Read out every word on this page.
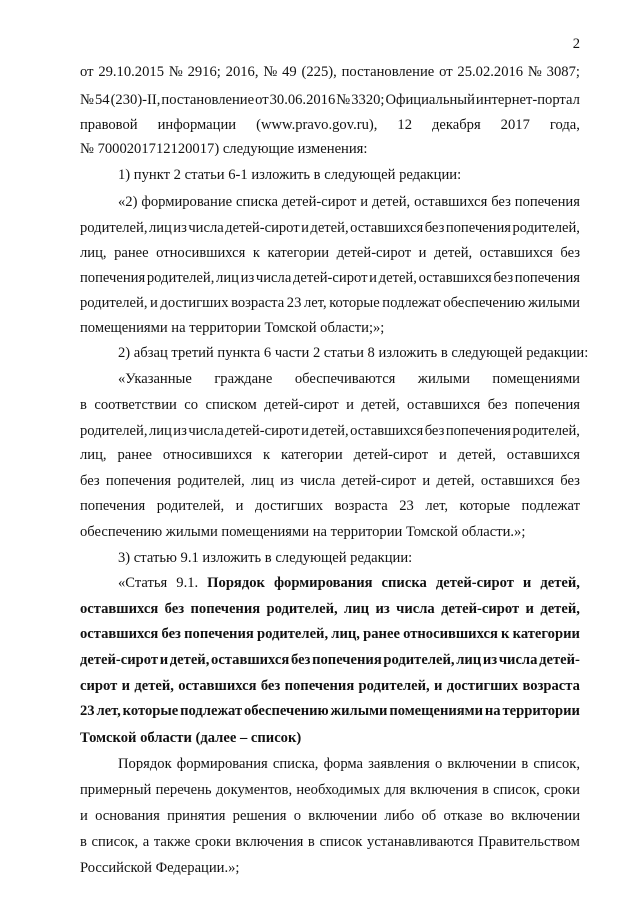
2
от 29.10.2015 № 2916; 2016, № 49 (225), постановление от 25.02.2016 № 3087;
№ 54 (230)-II, постановление от 30.06.2016 № 3320; Официальный интернет-портал
правовой информации (www.pravo.gov.ru), 12 декабря 2017 года,
№ 7000201712120017) следующие изменения:
1) пункт 2 статьи 6-1 изложить в следующей редакции:
«2) формирование списка детей-сирот и детей, оставшихся без попечения
родителей, лиц из числа детей-сирот и детей, оставшихся без попечения родителей,
лиц, ранее относившихся к категории детей-сирот и детей, оставшихся без
попечения родителей, лиц из числа детей-сирот и детей, оставшихся без попечения
родителей, и достигших возраста 23 лет, которые подлежат обеспечению жилыми
помещениями на территории Томской области;»;
2) абзац третий пункта 6 части 2 статьи 8 изложить в следующей редакции:
«Указанные граждане обеспечиваются жилыми помещениями
в соответствии со списком детей-сирот и детей, оставшихся без попечения
родителей, лиц из числа детей-сирот и детей, оставшихся без попечения родителей,
лиц, ранее относившихся к категории детей-сирот и детей, оставшихся
без попечения родителей, лиц из числа детей-сирот и детей, оставшихся без
попечения родителей, и достигших возраста 23 лет, которые подлежат
обеспечению жилыми помещениями на территории Томской области.»;
3) статью 9.1 изложить в следующей редакции:
«Статья 9.1. Порядок формирования списка детей-сирот и детей,
оставшихся без попечения родителей, лиц из числа детей-сирот и детей,
оставшихся без попечения родителей, лиц, ранее относившихся к категории
детей-сирот и детей, оставшихся без попечения родителей, лиц из числа детей-
сирот и детей, оставшихся без попечения родителей, и достигших возраста
23 лет, которые подлежат обеспечению жилыми помещениями на территории
Томской области (далее – список)
Порядок формирования списка, форма заявления о включении в список,
примерный перечень документов, необходимых для включения в список, сроки
и основания принятия решения о включении либо об отказе во включении
в список, а также сроки включения в список устанавливаются Правительством
Российской Федерации.»;
